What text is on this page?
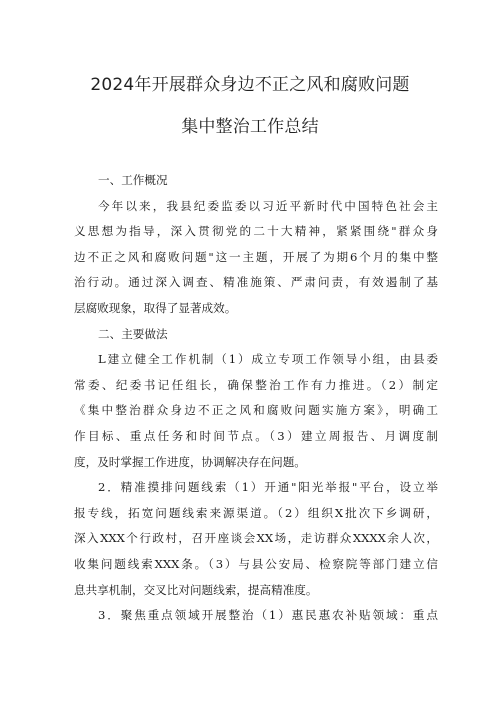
2024年开展群众身边不正之风和腐败问题
集中整治工作总结
一、工作概况
今年以来，我县纪委监委以习近平新时代中国特色社会主
义思想为指导，深入贯彻党的二十大精神，紧紧围绕"群众身
边不正之风和腐败问题"这一主题，开展了为期6个月的集中整
治行动。通过深入调查、精准施策、严肃问责，有效遏制了基
层腐败现象，取得了显著成效。
二、主要做法
L建立健全工作机制（1）成立专项工作领导小组，由县委
常委、纪委书记任组长，确保整治工作有力推进。（2）制定
《集中整治群众身边不正之风和腐败问题实施方案》，明确工
作目标、重点任务和时间节点。（3）建立周报告、月调度制
度，及时掌握工作进度，协调解决存在问题。
2．精准摸排问题线索（1）开通"阳光举报"平台，设立举
报专线，拓宽问题线索来源渠道。（2）组织X批次下乡调研，
深入XXX个行政村，召开座谈会XX场，走访群众XXXX余人次，
收集问题线索XXX条。（3）与县公安局、检察院等部门建立信
息共享机制，交叉比对问题线索，提高精准度。
3．聚焦重点领域开展整治（1）惠民惠农补贴领域：重点
